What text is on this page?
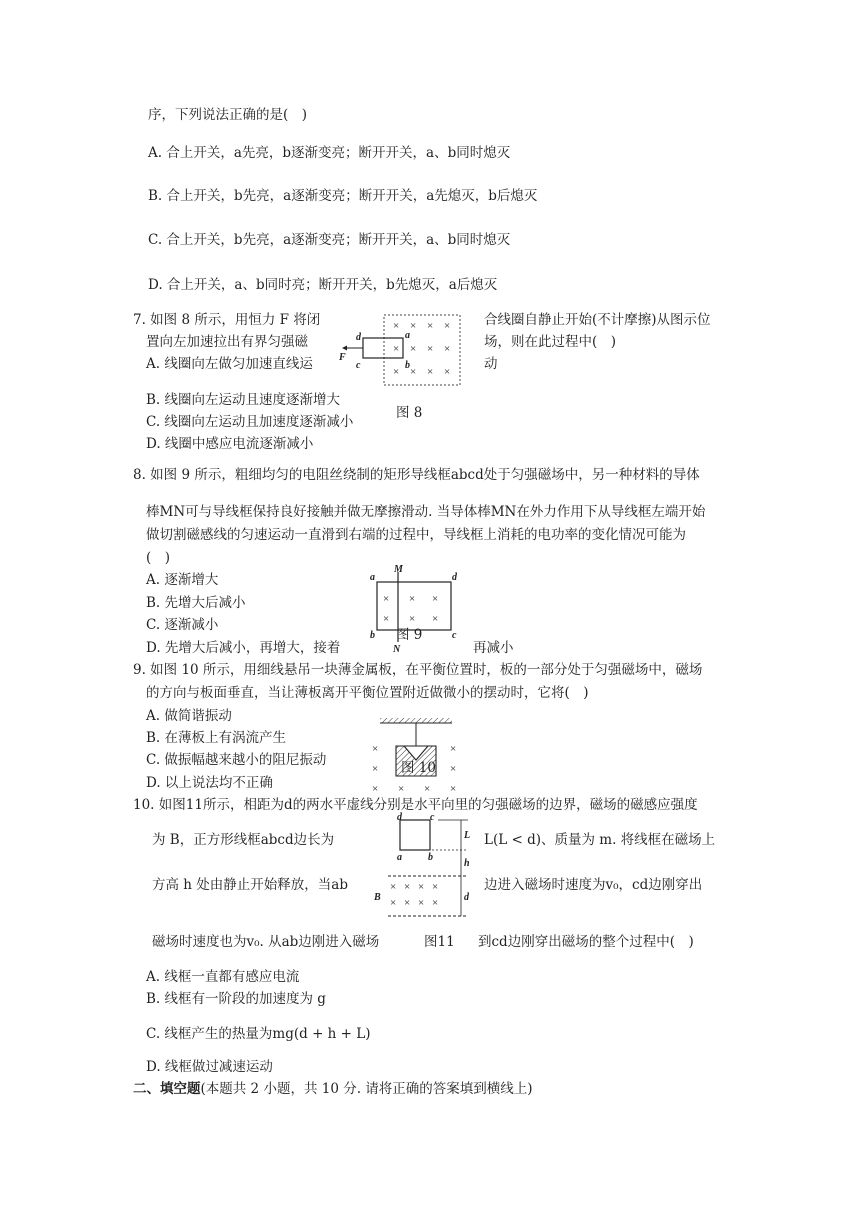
序，下列说法正确的是(　)
A. 合上开关，a先亮，b逐渐变亮；断开开关，a、b同时熄灭
B. 合上开关，b先亮，a逐渐变亮；断开开关，a先熄灭，b后熄灭
C. 合上开关，b先亮，a逐渐变亮；断开开关，a、b同时熄灭
D. 合上开关，a、b同时亮；断开开关，b先熄灭，a后熄灭
7. 如图 8 所示，用恒力 F 将闭	合线圈自静止开始(不计摩擦)从图示位
置向左加速拉出有界匀强磁	场，则在此过程中(　)
A. 线圈向左做匀加速直线运	动
B. 线圈向左运动且速度逐渐增大
C. 线圈向左运动且加速度逐渐减小
D. 线圈中感应电流逐渐减小
× × × ×
× × × ×
× × × ×
d	a
F
c	b
图 8
8. 如图 9 所示，粗细均匀的电阻丝绕制的矩形导线框abcd处于匀强磁场中，另一种材料的导体
棒MN可与导线框保持良好接触并做无摩擦滑动. 当导体棒MN在外力作用下从导线框左端开始
做切割磁感线的匀速运动一直滑到右端的过程中，导线框上消耗的电功率的变化情况可能为
(　)
A. 逐渐增大
B. 先增大后减小
C. 逐渐减小
D. 先增大后减小，再增大，接着	再减小
× × ×
× × ×
M
a	d
b	c
N
图 9
9. 如图 10 所示，用细线悬吊一块薄金属板，在平衡位置时，板的一部分处于匀强磁场中，磁场
的方向与板面垂直，当让薄板离开平衡位置附近做微小的摆动时，它将(　)
A. 做简谐振动
B. 在薄板上有涡流产生
C. 做振幅越来越小的阻尼振动
D. 以上说法均不正确
×	×
×	×
× × × ×
图 10
10. 如图11所示，相距为d的两水平虚线分别是水平向里的匀强磁场的边界，磁场的磁感应强度
为 B，正方形线框abcd边长为	L(L < d)、质量为 m. 将线框在磁场上
方高 h 处由静止开始释放，当ab	边进入磁场时速度为v₀，cd边刚穿出
磁场时速度也为v₀. 从ab边刚进入磁场	到cd边刚穿出磁场的整个过程中(　)
图11
× × × ×
× × × ×
d	c
a	b
L
h
B	d
A. 线框一直都有感应电流
B. 线框有一阶段的加速度为 g
C. 线框产生的热量为mg(d + h + L)
D. 线框做过减速运动
二、填空题(本题共 2 小题，共 10 分. 请将正确的答案填到横线上)
